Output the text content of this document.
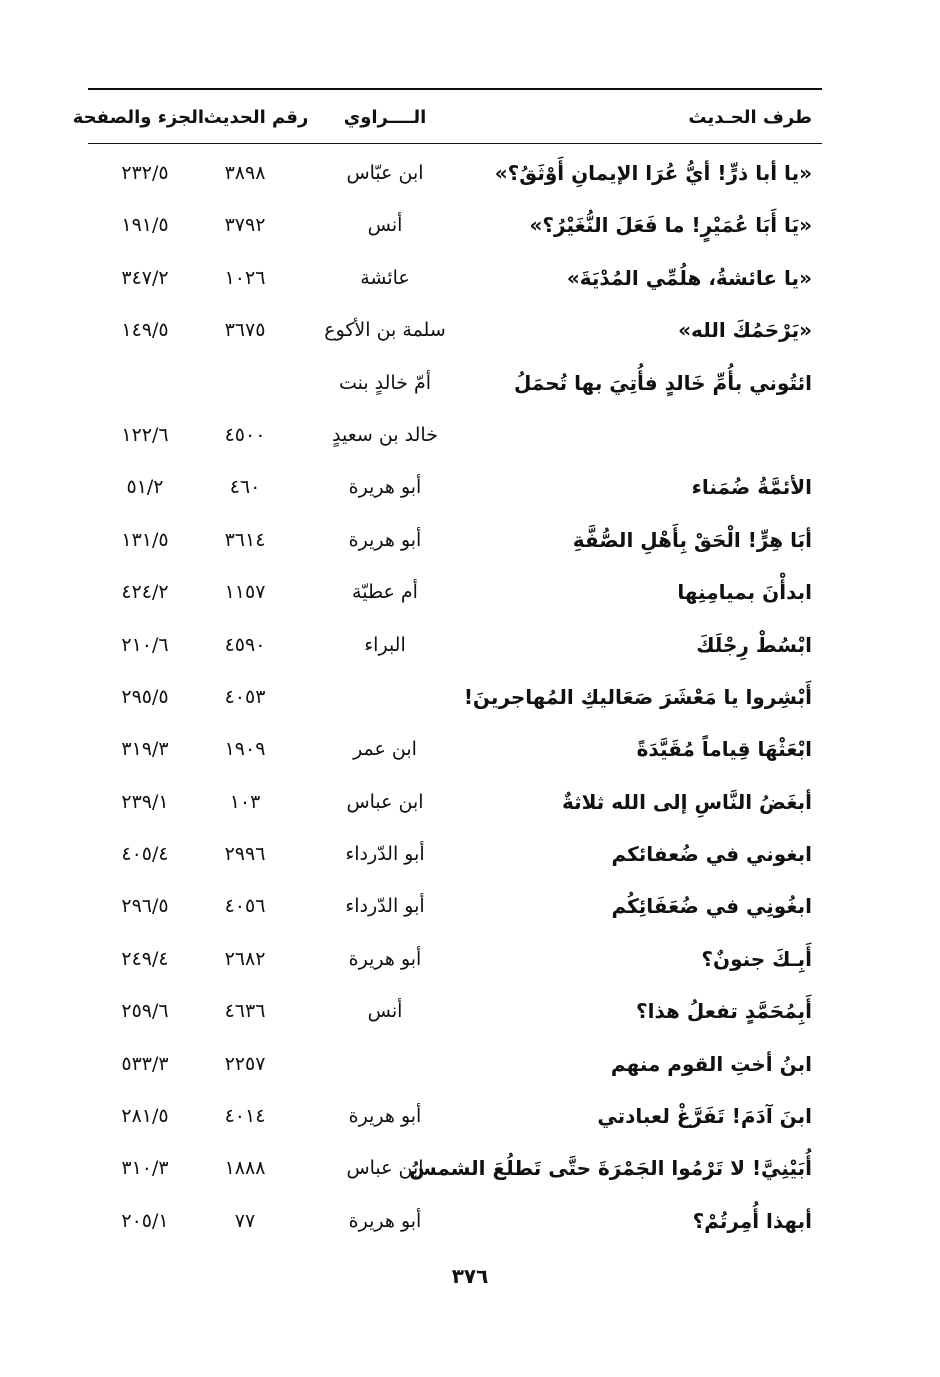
طرف الحـديث
الــــراوي
رقم الحديث
الجزء والصفحة
«يا أبا ذرٍّ! أيُّ عُرَا الإيمانِ أَوْثَقُ؟»
ابن عبّاس
٣٨٩٨
٢٣٢/٥
«يَا أَبَا عُمَيْرٍ! ما فَعَلَ النُّغَيْرُ؟»
أنس
٣٧٩٢
١٩١/٥
«يا عائشةُ، هلُمِّي المُدْيَةَ»
عائشة
١٠٢٦
٣٤٧/٢
«يَرْحَمُكَ الله»
سلمة بن الأكوع
٣٦٧٥
١٤٩/٥
ائتُوني بأُمِّ خَالدٍ فأُتِيَ بها تُحمَلُ
أمّ خالدٍ بنت
خالد بن سعيدٍ
٤٥٠٠
١٢٢/٦
الأئمَّةُ ضُمَناء
أبو هريرة
٤٦٠
٥١/٢
أبَا هِرٍّ! الْحَقْ بِأَهْلِ الصُّفَّةِ
أبو هريرة
٣٦١٤
١٣١/٥
ابدأْنَ بميامِنِها
أم عطيّة
١١٥٧
٤٢٤/٢
ابْسُطْ رِجْلَكَ
البراء
٤٥٩٠
٢١٠/٦
أَبْشِروا يا مَعْشَرَ صَعَاليكِ المُهاجرينَ!
٤٠٥٣
٢٩٥/٥
ابْعَثْهَا قِياماً مُقَيَّدَةً
ابن عمر
١٩٠٩
٣١٩/٣
أبغَضُ النَّاسِ إلى الله ثلاثةٌ
ابن عباس
١٠٣
٢٣٩/١
ابغوني في ضُعفائكم
أبو الدّرداء
٢٩٩٦
٤٠٥/٤
ابغُونِي في ضُعَفَائِكُم
أبو الدّرداء
٤٠٥٦
٢٩٦/٥
أَبِـكَ جنونٌ؟
أبو هريرة
٢٦٨٢
٢٤٩/٤
أَبِمُحَمَّدٍ تفعلُ هذا؟
أنس
٤٦٣٦
٢٥٩/٦
ابنُ أختِ القوم منهم
٢٢٥٧
٥٣٣/٣
ابنَ آدَمَ! تَفَرَّغْ لعبادتي
أبو هريرة
٤٠١٤
٢٨١/٥
أُبَيْنِيَّ! لا تَرْمُوا الجَمْرَةَ حتَّى تَطلُعَ الشمسُ
ابن عباس
١٨٨٨
٣١٠/٣
أبهذا أُمِرتُمْ؟
أبو هريرة
٧٧
٢٠٥/١
٣٧٦
